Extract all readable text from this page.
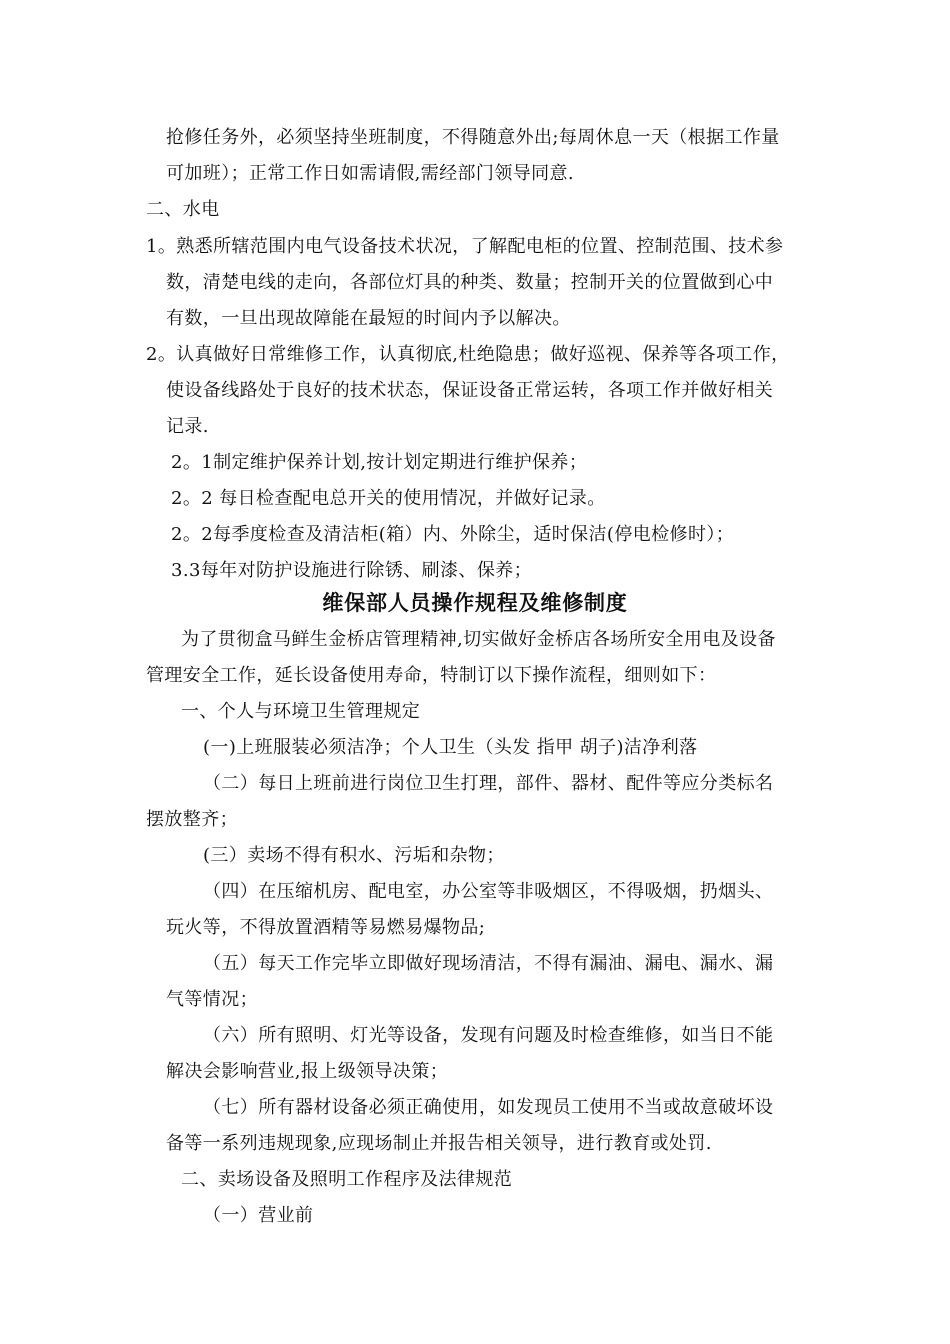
抢修任务外，必须坚持坐班制度，不得随意外出;每周休息一天（根据工作量
可加班）；正常工作日如需请假,需经部门领导同意.
二、水电
1。熟悉所辖范围内电气设备技术状况，了解配电柜的位置、控制范围、技术参
数，清楚电线的走向，各部位灯具的种类、数量；控制开关的位置做到心中
有数，一旦出现故障能在最短的时间内予以解决。
2。认真做好日常维修工作，认真彻底,杜绝隐患；做好巡视、保养等各项工作，
使设备线路处于良好的技术状态，保证设备正常运转，各项工作并做好相关
记录.
2。1制定维护保养计划,按计划定期进行维护保养；
2。2 每日检查配电总开关的使用情况，并做好记录。
2。2每季度检查及清洁柜(箱）内、外除尘，适时保洁(停电检修时）；
3.3每年对防护设施进行除锈、刷漆、保养；
维保部人员操作规程及维修制度
为了贯彻盒马鲜生金桥店管理精神,切实做好金桥店各场所安全用电及设备
管理安全工作，延长设备使用寿命，特制订以下操作流程，细则如下：
一、个人与环境卫生管理规定
(一)上班服装必须洁净；个人卫生（头发 指甲 胡子)洁净利落
（二）每日上班前进行岗位卫生打理，部件、器材、配件等应分类标名
摆放整齐；
(三）卖场不得有积水、污垢和杂物；
（四）在压缩机房、配电室，办公室等非吸烟区，不得吸烟，扔烟头、
玩火等，不得放置酒精等易燃易爆物品;
（五）每天工作完毕立即做好现场清洁，不得有漏油、漏电、漏水、漏
气等情况；
（六）所有照明、灯光等设备，发现有问题及时检查维修，如当日不能
解决会影响营业,报上级领导决策；
（七）所有器材设备必须正确使用，如发现员工使用不当或故意破坏设
备等一系列违规现象,应现场制止并报告相关领导，进行教育或处罚.
二、卖场设备及照明工作程序及法律规范
（一）营业前
